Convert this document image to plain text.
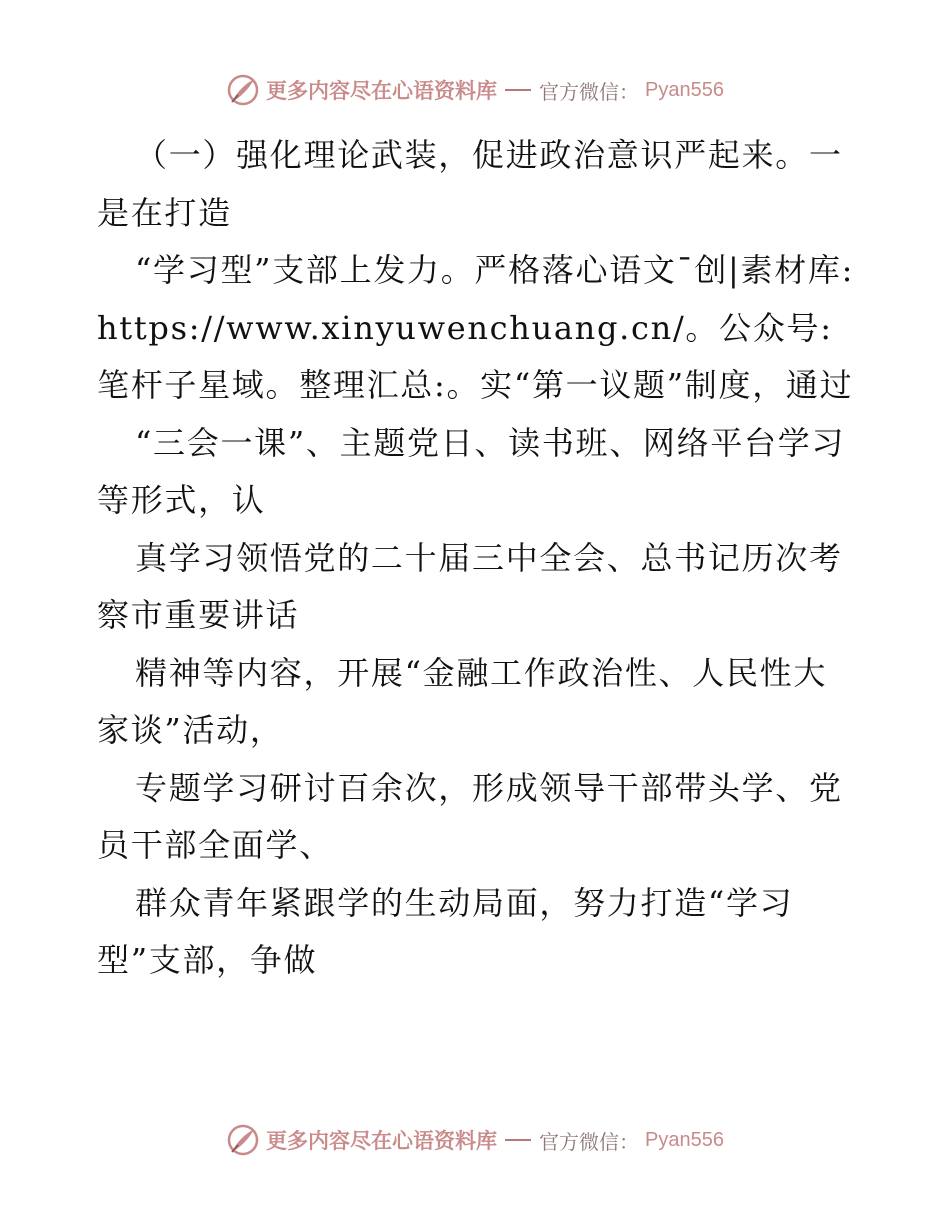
更多内容尽在心语资料库 官方微信： Pyan556

（一）强化理论武装，促进政治意识严起来。一是在打造

“学习型”支部上发力。严格落心语文¯创|素材库: https://www.xinyuwenchuang.cn/。公众号: 笔杆子星域。整理汇总:。实“第一议题”制度，通过

“三会一课”、主题党日、读书班、网络平台学习等形式，认

真学习领悟党的二十届三中全会、总书记历次考察市重要讲话

精神等内容，开展“金融工作政治性、人民性大家谈”活动，

专题学习研讨百余次，形成领导干部带头学、党员干部全面学、

群众青年紧跟学的生动局面，努力打造“学习型”支部，争做

更多内容尽在心语资料库 官方微信： Pyan556
